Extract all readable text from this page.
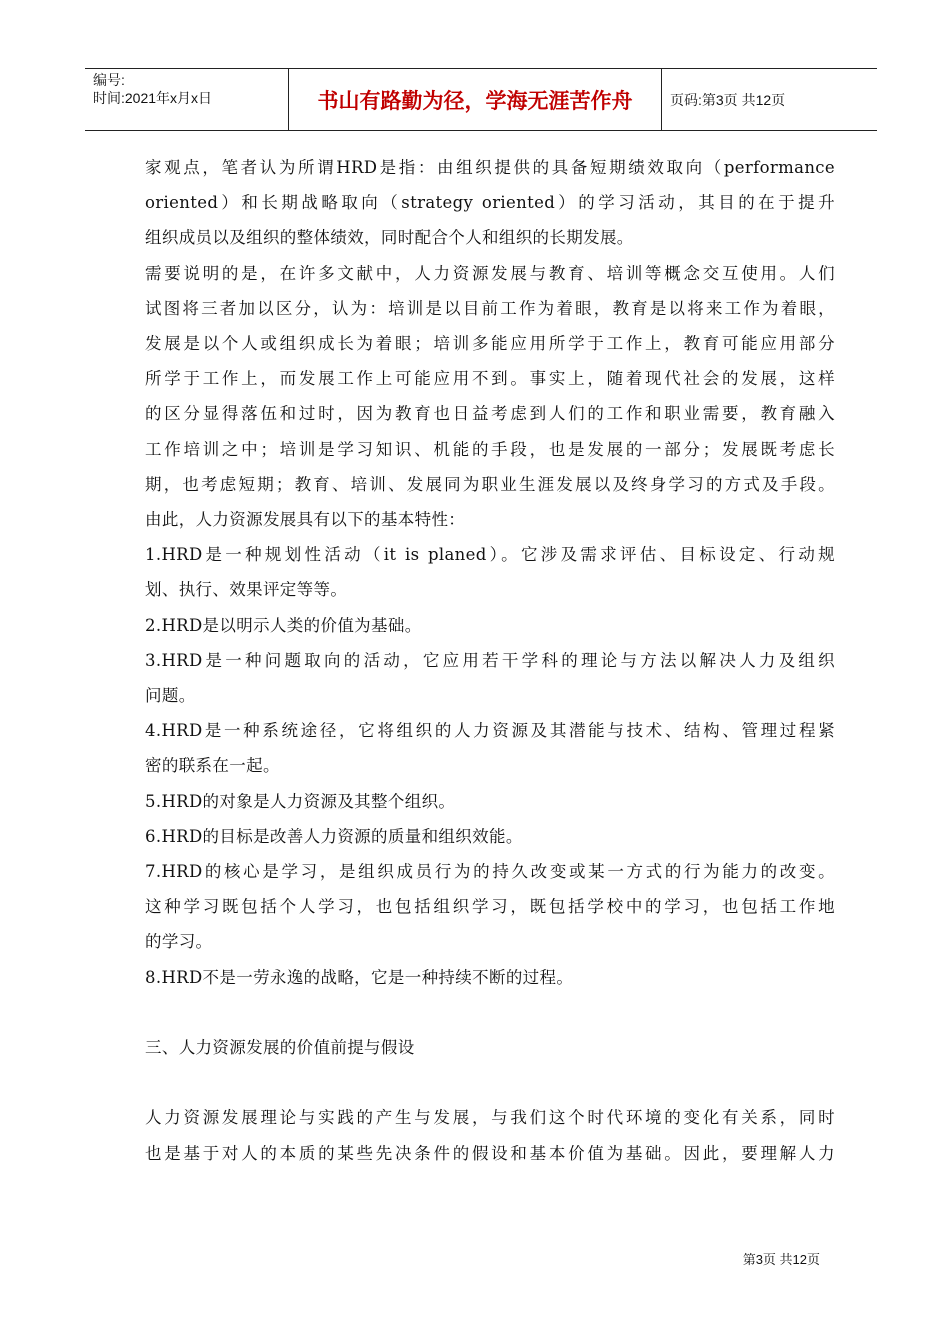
编号:
时间:2021年x月x日	书山有路勤为径，学海无涯苦作舟	页码:第3页 共12页
家观点，笔者认为所谓HRD是指：由组织提供的具备短期绩效取向（performance
oriented）和长期战略取向（strategy oriented）的学习活动，其目的在于提升
组织成员以及组织的整体绩效，同时配合个人和组织的长期发展。
需要说明的是，在许多文献中，人力资源发展与教育、培训等概念交互使用。人们
试图将三者加以区分，认为：培训是以目前工作为着眼，教育是以将来工作为着眼，
发展是以个人或组织成长为着眼；培训多能应用所学于工作上，教育可能应用部分
所学于工作上，而发展工作上可能应用不到。事实上，随着现代社会的发展，这样
的区分显得落伍和过时，因为教育也日益考虑到人们的工作和职业需要，教育融入
工作培训之中；培训是学习知识、机能的手段，也是发展的一部分；发展既考虑长
期，也考虑短期；教育、培训、发展同为职业生涯发展以及终身学习的方式及手段。
由此，人力资源发展具有以下的基本特性：
1.HRD是一种规划性活动（it is planed）。它涉及需求评估、目标设定、行动规
划、执行、效果评定等等。
2.HRD是以明示人类的价值为基础。
3.HRD是一种问题取向的活动，它应用若干学科的理论与方法以解决人力及组织
问题。
4.HRD是一种系统途径，它将组织的人力资源及其潜能与技术、结构、管理过程紧
密的联系在一起。
5.HRD的对象是人力资源及其整个组织。
6.HRD的目标是改善人力资源的质量和组织效能。
7.HRD的核心是学习，是组织成员行为的持久改变或某一方式的行为能力的改变。
这种学习既包括个人学习，也包括组织学习，既包括学校中的学习，也包括工作地
的学习。
8.HRD不是一劳永逸的战略，它是一种持续不断的过程。
三、人力资源发展的价值前提与假设
人力资源发展理论与实践的产生与发展，与我们这个时代环境的变化有关系，同时
也是基于对人的本质的某些先决条件的假设和基本价值为基础。因此，要理解人力
第3页 共12页
